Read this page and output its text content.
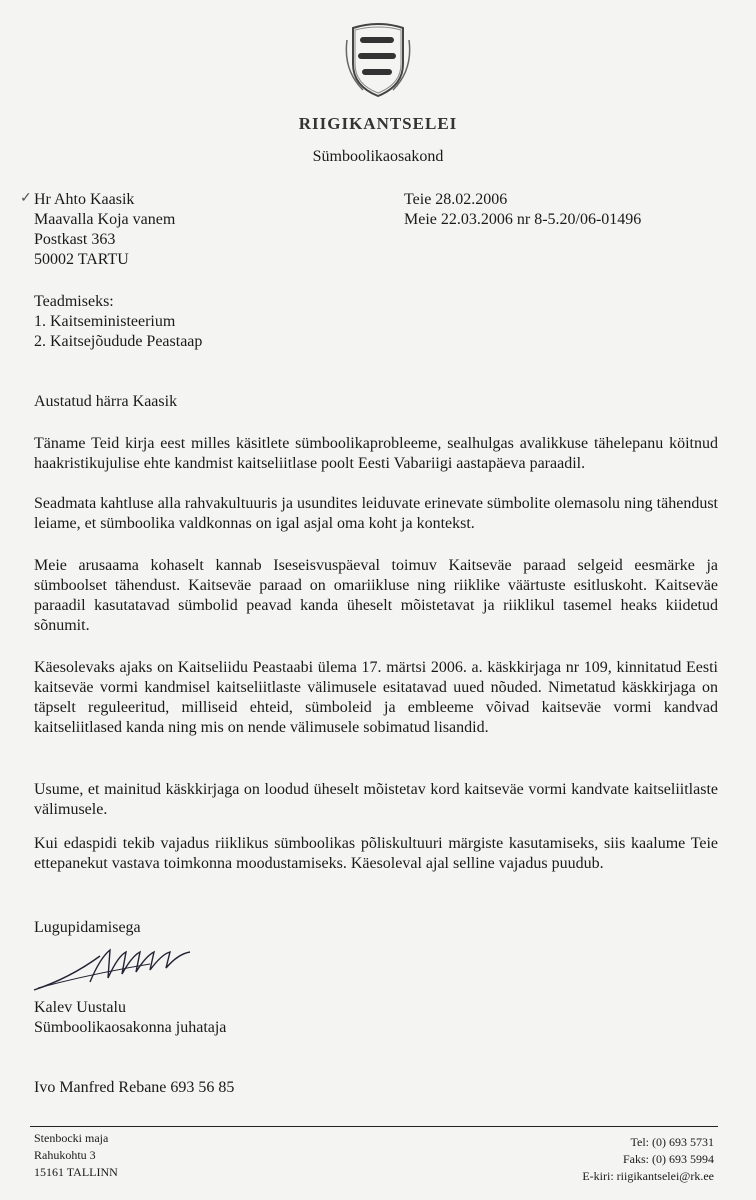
RIIGIKANTSELEI
Sümboolikaosakond
✓ Hr Ahto Kaasik
Maavalla Koja vanem
Postkast 363
50002 TARTU
Teie 28.02.2006
Meie 22.03.2006 nr 8-5.20/06-01496
Teadmiseks:
1. Kaitseministeerium
2. Kaitsejõudude Peastaap
Austatud härra Kaasik
Täname Teid kirja eest milles käsitlete sümboolikaprobleeme, sealhulgas avalikkuse tähelepanu köitnud haakristikujulise ehte kandmist kaitseliitlase poolt Eesti Vabariigi aastapäeva paraadil.
Seadmata kahtluse alla rahvakultuuris ja usundites leiduvate erinevate sümbolite olemasolu ning tähendust leiame, et sümboolika valdkonnas on igal asjal oma koht ja kontekst.
Meie arusaama kohaselt kannab Iseseisvuspäeval toimuv Kaitseväe paraad selgeid eesmärke ja sümboolset tähendust. Kaitseväe paraad on omariikluse ning riiklike väärtuste esitluskoht. Kaitseväe paraadil kasutatavad sümbolid peavad kanda üheselt mõistetavat ja riiklikul tasemel heaks kiidetud sõnumit.
Käesolevaks ajaks on Kaitseliidu Peastaabi ülema 17. märtsi 2006. a. käskkirjaga nr 109, kinnitatud Eesti kaitseväe vormi kandmisel kaitseliitlaste välimusele esitatavad uued nõuded. Nimetatud käskkirjaga on täpselt reguleeritud, milliseid ehteid, sümboleid ja embleeme võivad kaitseväe vormi kandvad kaitseliitlased kanda ning mis on nende välimusele sobimatud lisandid.
Usume, et mainitud käskkirjaga on loodud üheselt mõistetav kord kaitseväe vormi kandvate kaitseliitlaste välimusele.
Kui edaspidi tekib vajadus riiklikus sümboolikas põliskultuuri märgiste kasutamiseks, siis kaalume Teie ettepanekut vastava toimkonna moodustamiseks. Käesoleval ajal selline vajadus puudub.
Lugupidamisega
Kalev Uustalu
Sümboolikaosakonna juhataja
Ivo Manfred Rebane 693 56 85
Stenbocki maja
Rahukohtu 3
15161 TALLINN
Tel: (0) 693 5731
Faks: (0) 693 5994
E-kiri: riigikantselei@rk.ee
